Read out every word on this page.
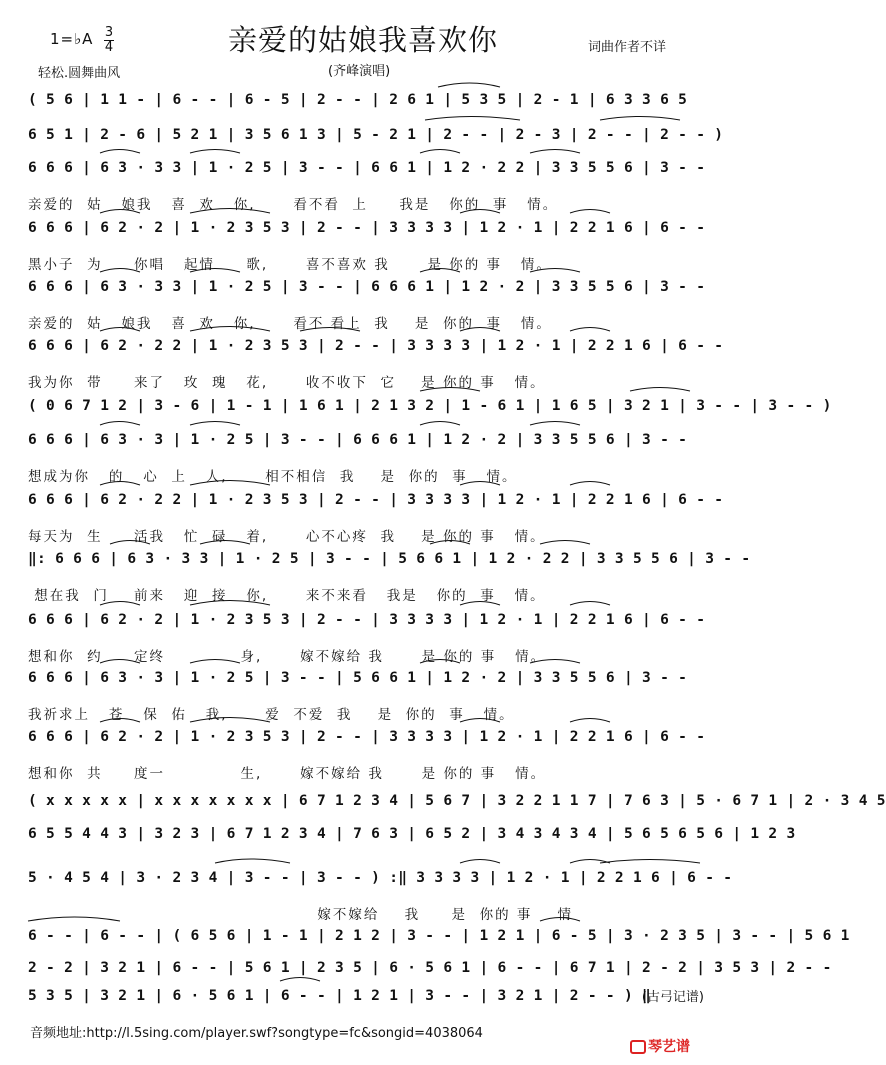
1=♭A 3
4
轻松.圆舞曲风
亲爱的姑娘我喜欢你
(齐峰演唱)
词曲作者不详
( 5 6 | 1 1 - | 6 - - | 6 - 5 | 2 - - | 2 6 1 | 5 3 5 | 2 - 1 | 6 3 3 6 5
6 5 1 | 2 - 6 | 5 2 1 | 3 5 6 1 3 | 5 - 2 1 | 2 - - | 2 - 3 | 2 - - | 2 - - )
6 6 6 | 6 3 · 3 3 | 1 · 2 5 | 3 - - | 6 6 1 | 1 2 · 2 2 | 3 3 5 5 6 | 3 - -
亲爱的  姑   娘我   喜  欢   你,      看不看  上     我是   你的  事   情。
6 6 6 | 6 2 · 2 | 1 · 2 3 5 3 | 2 - - | 3 3 3 3 | 1 2 · 1 | 2 2 1 6 | 6 - -
黑小子  为     你唱   起情     歌,      喜不喜欢 我      是 你的 事   情。
6 6 6 | 6 3 · 3 3 | 1 · 2 5 | 3 - - | 6 6 6 1 | 1 2 · 2 | 3 3 5 5 6 | 3 - -
亲爱的  姑   娘我   喜  欢   你,      看不 看上  我    是  你的  事   情。
6 6 6 | 6 2 · 2 2 | 1 · 2 3 5 3 | 2 - - | 3 3 3 3 | 1 2 · 1 | 2 2 1 6 | 6 - -
我为你  带     来了   玫  瑰   花,      收不收下  它    是 你的 事   情。
( 0 6 7 1 2 | 3 - 6 | 1 - 1 | 1 6 1 | 2 1 3 2 | 1 - 6 1 | 1 6 5 | 3 2 1 | 3 - - | 3 - - )
6 6 6 | 6 3 · 3 | 1 · 2 5 | 3 - - | 6 6 6 1 | 1 2 · 2 | 3 3 5 5 6 | 3 - -
想成为你   的   心  上   人,      相不相信  我    是  你的  事   情。
6 6 6 | 6 2 · 2 2 | 1 · 2 3 5 3 | 2 - - | 3 3 3 3 | 1 2 · 1 | 2 2 1 6 | 6 - -
每天为  生     活我   忙  碌   着,      心不心疼  我    是 你的 事   情。
‖: 6 6 6 | 6 3 · 3 3 | 1 · 2 5 | 3 - - | 5 6 6 1 | 1 2 · 2 2 | 3 3 5 5 6 | 3 - -
想在我  门    前来   迎  接   你,      来不来看   我是   你的  事   情。
6 6 6 | 6 2 · 2 | 1 · 2 3 5 3 | 2 - - | 3 3 3 3 | 1 2 · 1 | 2 2 1 6 | 6 - -
想和你  约     定终            身,      嫁不嫁给 我      是 你的 事   情。
6 6 6 | 6 3 · 3 | 1 · 2 5 | 3 - - | 5 6 6 1 | 1 2 · 2 | 3 3 5 5 6 | 3 - -
我祈求上   苍   保  佑   我,      爱  不爱  我    是  你的  事   情。
6 6 6 | 6 2 · 2 | 1 · 2 3 5 3 | 2 - - | 3 3 3 3 | 1 2 · 1 | 2 2 1 6 | 6 - -
想和你  共     度一            生,      嫁不嫁给 我      是 你的 事   情。
( x x x x x | x x x x x x x | 6 7 1 2 3 4 | 5 6 7 | 3 2 2 1 1 7 | 7 6 3 | 5 · 6 7 1 | 2 · 3 4 5
6 5 5 4 4 3 | 3 2 3 | 6 7 1 2 3 4 | 7 6 3 | 6 5 2 | 3 4 3 4 3 4 | 5 6 5 6 5 6 | 1 2 3
5 · 4 5 4 | 3 · 2 3 4 | 3 - - | 3 - - ) :‖ 3 3 3 3 | 1 2 · 1 | 2 2 1 6 | 6 - -
嫁不嫁给    我     是  你的 事    情
6 - - | 6 - - | ( 6 5 6 | 1 - 1 | 2 1 2 | 3 - - | 1 2 1 | 6 - 5 | 3 · 2 3 5 | 3 - - | 5 6 1
2 - 2 | 3 2 1 | 6 - - | 5 6 1 | 2 3 5 | 6 · 5 6 1 | 6 - - | 6 7 1 | 2 - 2 | 3 5 3 | 2 - -
5 3 5 | 3 2 1 | 6 · 5 6 1 | 6 - - | 1 2 1 | 3 - - | 3 2 1 | 2 - - ) ‖
(古弓记谱)
音频地址:http://l.5sing.com/player.swf?songtype=fc&songid=4038064
琴艺谱
